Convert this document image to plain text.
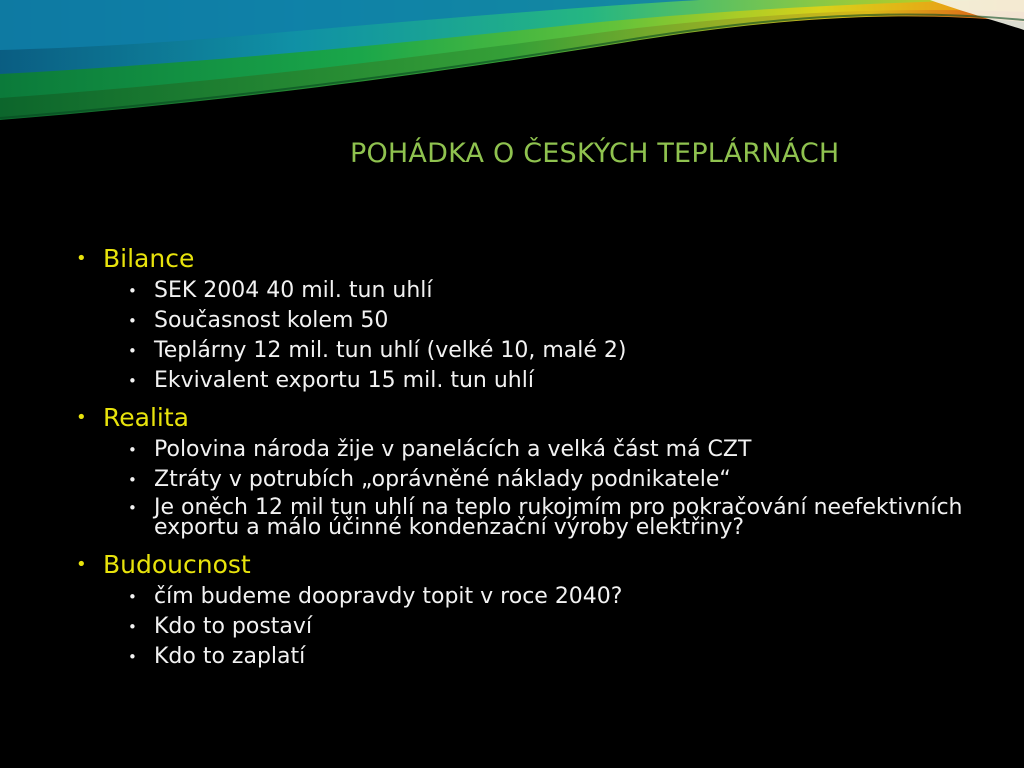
POHÁDKA O ČESKÝCH TEPLÁRNÁCH
• Bilance
• SEK 2004 40 mil. tun uhlí
• Současnost kolem 50
• Teplárny 12 mil. tun uhlí (velké 10, malé 2)
• Ekvivalent exportu 15 mil. tun uhlí
• Realita
• Polovina národa žije v panelácích a velká část má CZT
• Ztráty v potrubích „oprávněné náklady podnikatele“
• Je oněch 12 mil tun uhlí na teplo rukojmím pro pokračování neefektivních exportu a málo účinné kondenzační výroby elektřiny?
• Budoucnost
• čím budeme doopravdy topit v roce 2040?
• Kdo to postaví
• Kdo to zaplatí
